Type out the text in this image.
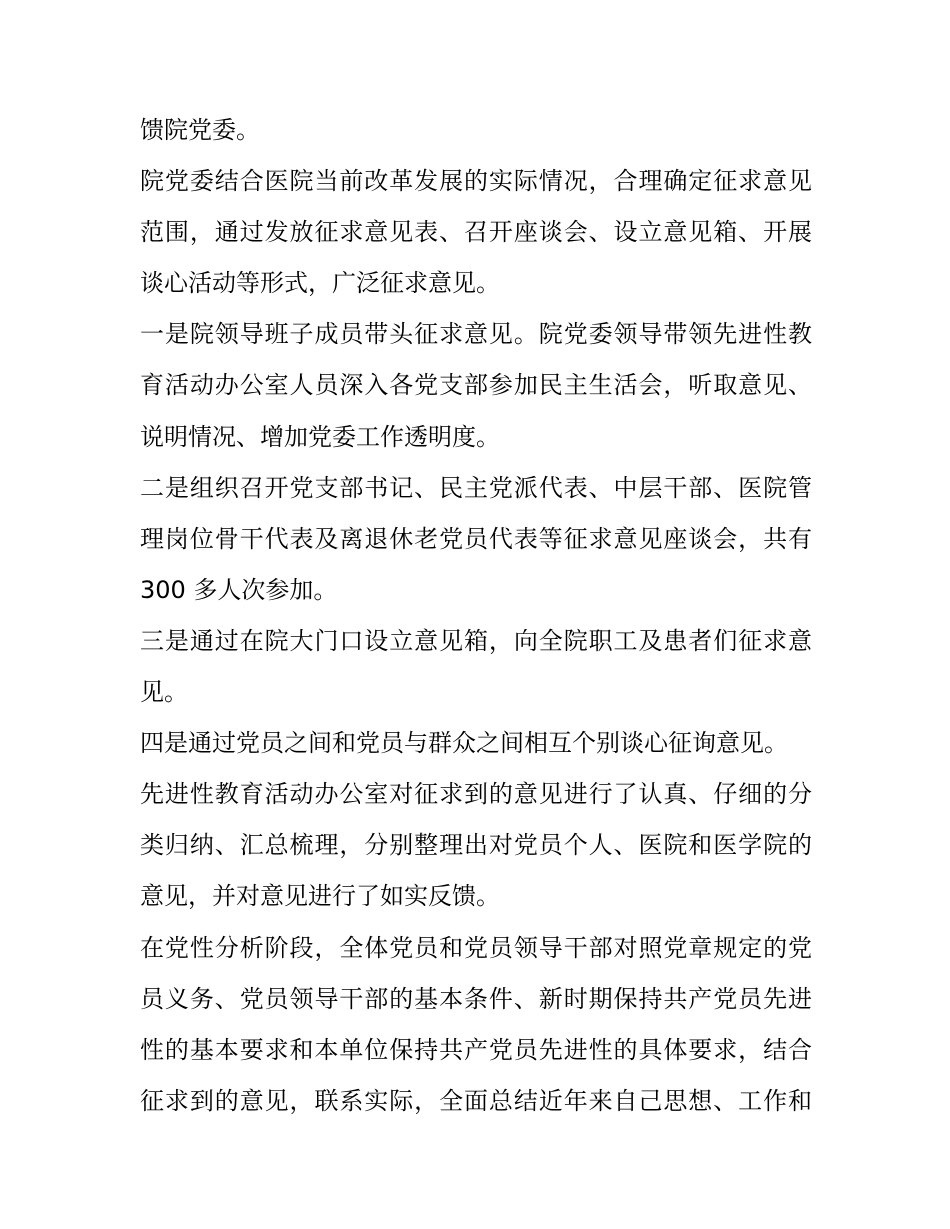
馈院党委。
院党委结合医院当前改革发展的实际情况，合理确定征求意见
范围，通过发放征求意见表、召开座谈会、设立意见箱、开展
谈心活动等形式，广泛征求意见。
一是院领导班子成员带头征求意见。院党委领导带领先进性教
育活动办公室人员深入各党支部参加民主生活会，听取意见、
说明情况、增加党委工作透明度。
二是组织召开党支部书记、民主党派代表、中层干部、医院管
理岗位骨干代表及离退休老党员代表等征求意见座谈会，共有
300 多人次参加。
三是通过在院大门口设立意见箱，向全院职工及患者们征求意
见。
四是通过党员之间和党员与群众之间相互个别谈心征询意见。
先进性教育活动办公室对征求到的意见进行了认真、仔细的分
类归纳、汇总梳理，分别整理出对党员个人、医院和医学院的
意见，并对意见进行了如实反馈。
在党性分析阶段，全体党员和党员领导干部对照党章规定的党
员义务、党员领导干部的基本条件、新时期保持共产党员先进
性的基本要求和本单位保持共产党员先进性的具体要求，结合
征求到的意见，联系实际，全面总结近年来自己思想、工作和
